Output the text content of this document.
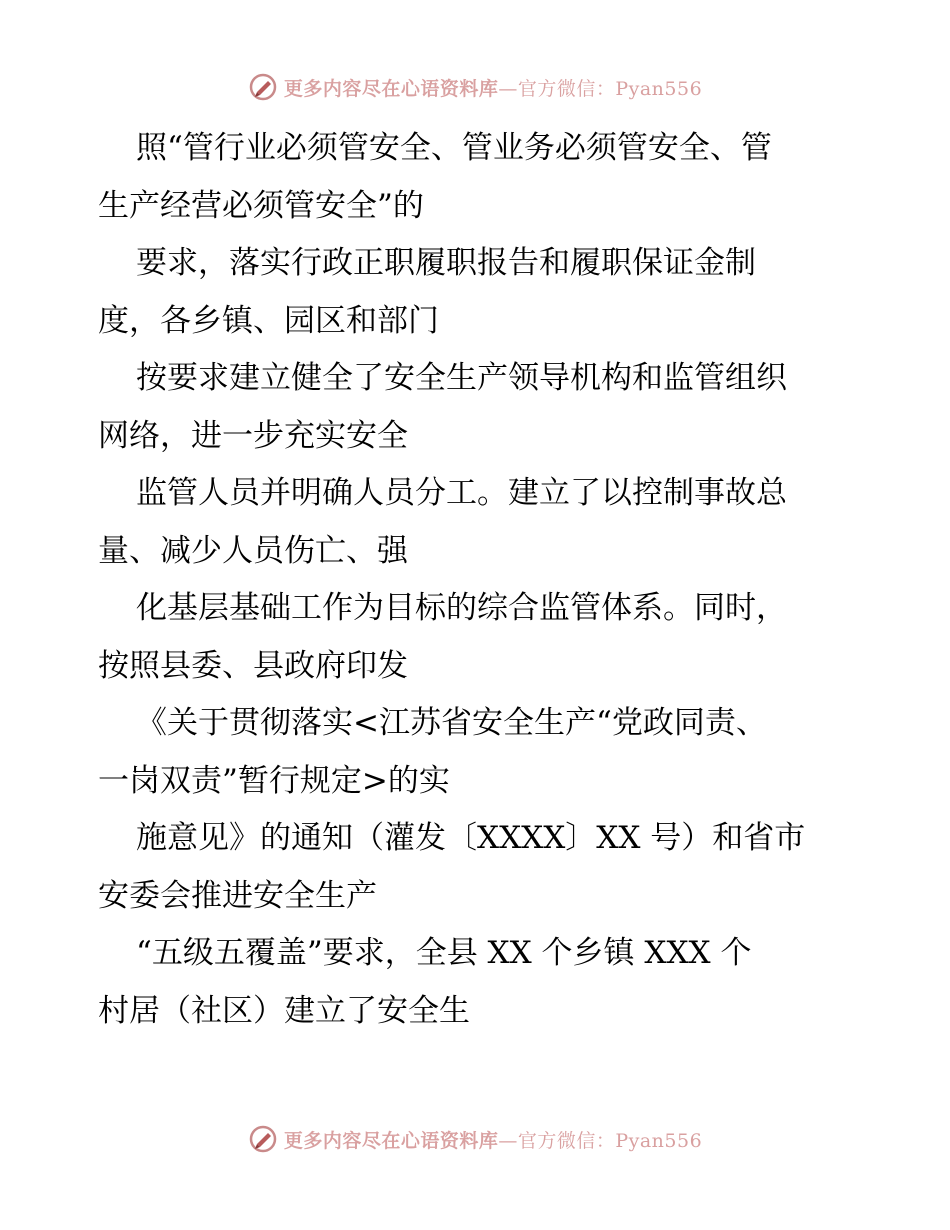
更多内容尽在心语资料库—官方微信：Pyan556
照“管行业必须管安全、管业务必须管安全、管
生产经营必须管安全”的
要求，落实行政正职履职报告和履职保证金制
度，各乡镇、园区和部门
按要求建立健全了安全生产领导机构和监管组织
网络，进一步充实安全
监管人员并明确人员分工。建立了以控制事故总
量、减少人员伤亡、强
化基层基础工作为目标的综合监管体系。同时，
按照县委、县政府印发
《关于贯彻落实<江苏省安全生产“党政同责、
一岗双责”暂行规定>的实
施意见》的通知（灌发〔XXXX〕XX 号）和省市
安委会推进安全生产
“五级五覆盖”要求，全县 XX 个乡镇 XXX 个
村居（社区）建立了安全生
更多内容尽在心语资料库—官方微信：Pyan556
